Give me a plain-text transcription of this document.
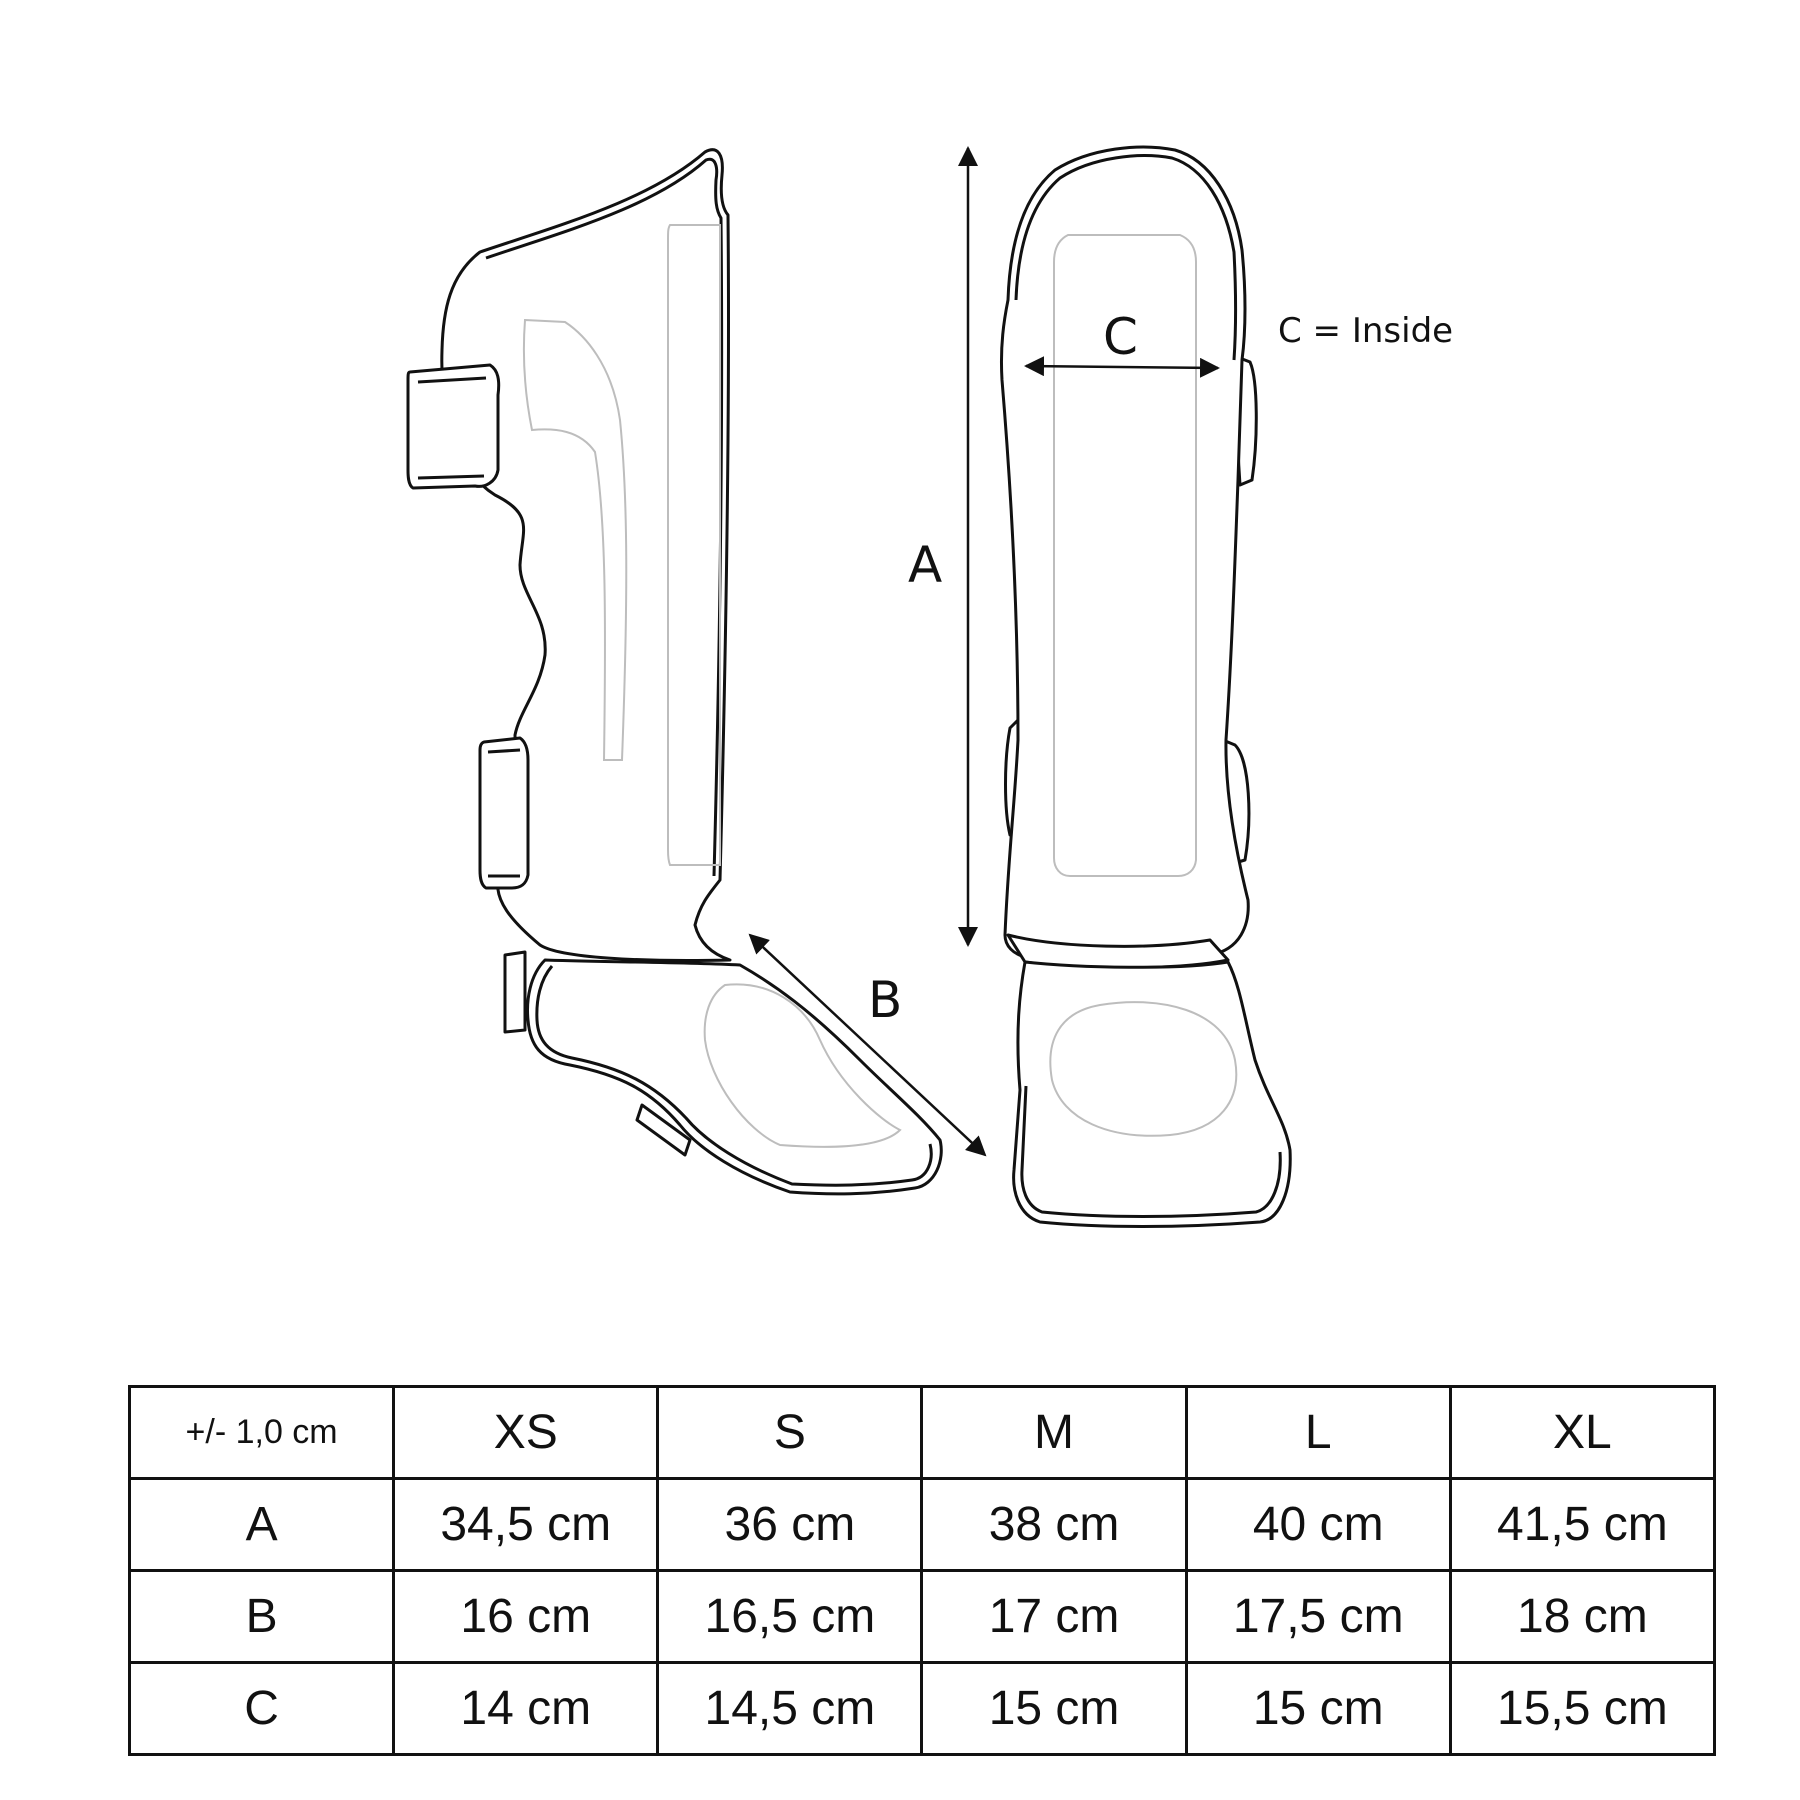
A
B
C	C = Inside
+/- 1,0 cm	XS	S	M	L	XL
A	34,5 cm	36 cm	38 cm	40 cm	41,5 cm
B	16 cm	16,5 cm	17 cm	17,5 cm	18 cm
C	14 cm	14,5 cm	15 cm	15 cm	15,5 cm
